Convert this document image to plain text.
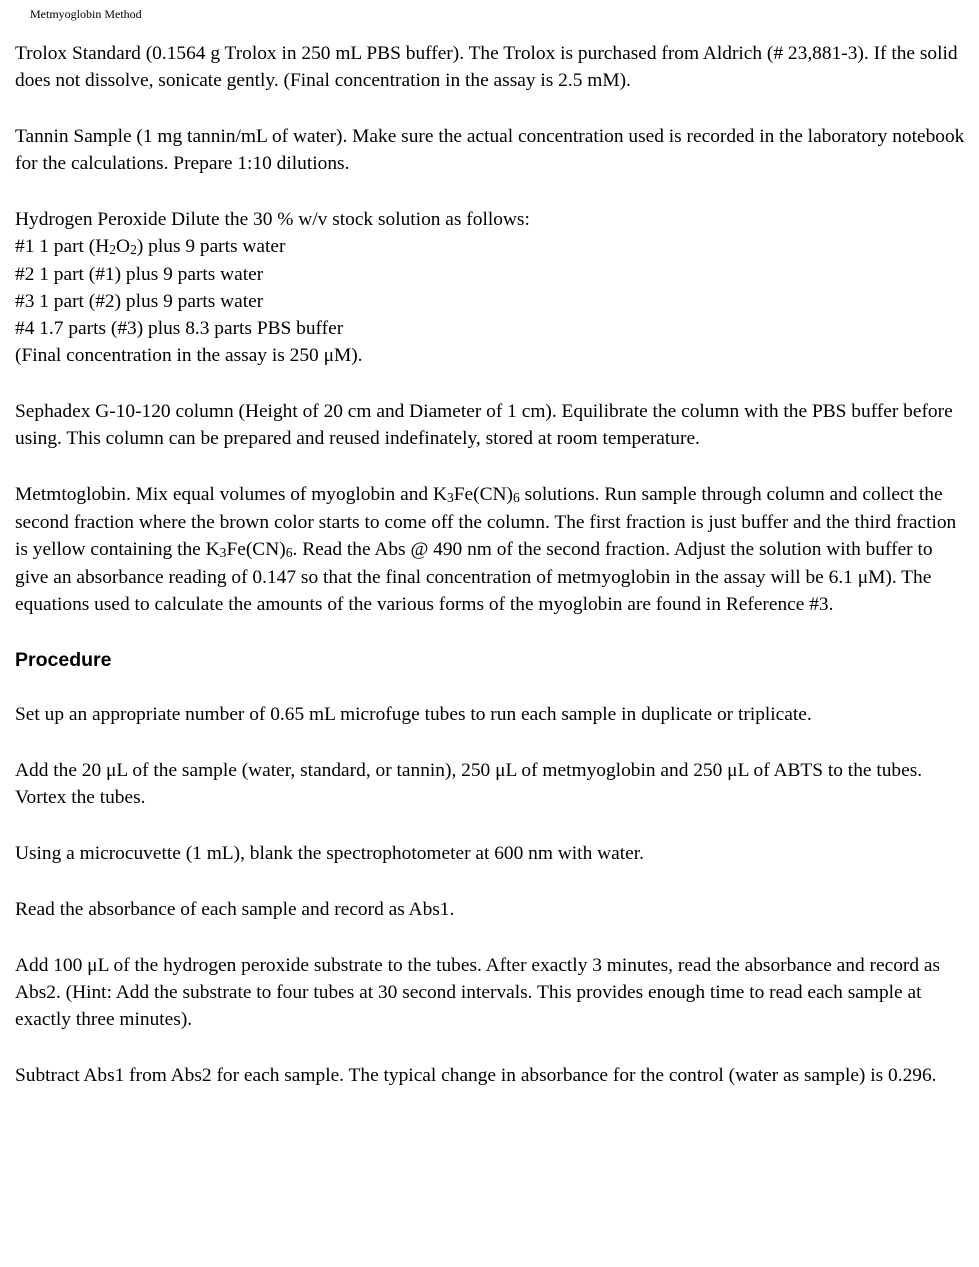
Metmyoglobin Method

Trolox Standard (0.1564 g Trolox in 250 mL PBS buffer). The Trolox is purchased from Aldrich (# 23,881-3). If the solid does not dissolve, sonicate gently. (Final concentration in the assay is 2.5 mM).

Tannin Sample (1 mg tannin/mL of water). Make sure the actual concentration used is recorded in the laboratory notebook for the calculations. Prepare 1:10 dilutions.

Hydrogen Peroxide Dilute the 30 % w/v stock solution as follows:
#1 1 part $(H_2O_2)$ plus 9 parts water
#2 1 part (#1) plus 9 parts water
#3 1 part (#2) plus 9 parts water
#4 1.7 parts (#3) plus 8.3 parts PBS buffer
(Final concentration in the assay is 250 μM).

Sephadex G-10-120 column (Height of 20 cm and Diameter of 1 cm). Equilibrate the column with the PBS buffer before using. This column can be prepared and reused indefinately, stored at room temperature.

Metmtoglobin. Mix equal volumes of myoglobin and $K_3Fe(CN)_6$ solutions. Run sample through column and collect the second fraction where the brown color starts to come off the column. The first fraction is just buffer and the third fraction is yellow containing the $K_3Fe(CN)_6$. Read the Abs @ 490 nm of the second fraction. Adjust the solution with buffer to give an absorbance reading of 0.147 so that the final concentration of metmyoglobin in the assay will be 6.1 μM). The equations used to calculate the amounts of the various forms of the myoglobin are found in Reference #3.

Procedure

Set up an appropriate number of 0.65 mL microfuge tubes to run each sample in duplicate or triplicate.

Add the 20 μL of the sample (water, standard, or tannin), 250 μL of metmyoglobin and 250 μL of ABTS to the tubes. Vortex the tubes.

Using a microcuvette (1 mL), blank the spectrophotometer at 600 nm with water.

Read the absorbance of each sample and record as Abs1.

Add 100 μL of the hydrogen peroxide substrate to the tubes. After exactly 3 minutes, read the absorbance and record as Abs2. (Hint: Add the substrate to four tubes at 30 second intervals. This provides enough time to read each sample at exactly three minutes).

Subtract Abs1 from Abs2 for each sample. The typical change in absorbance for the control (water as sample) is 0.296.
